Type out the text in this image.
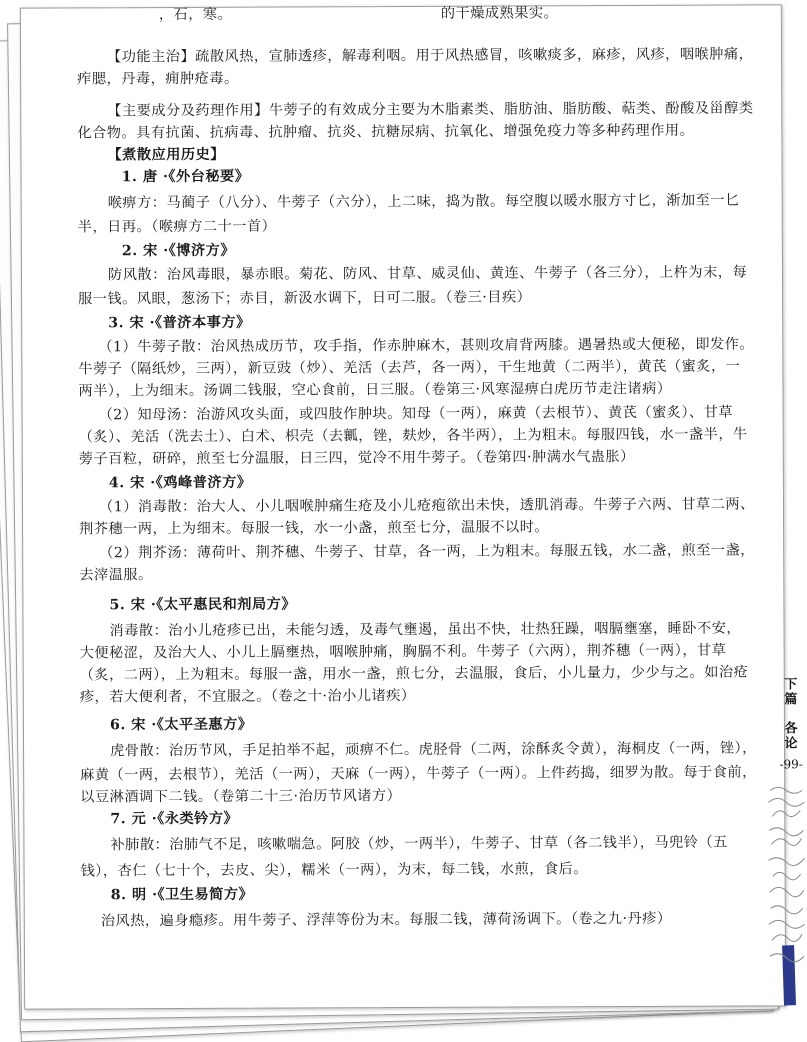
，石，寒。	的干燥成熟果实。
【功能主治】疏散风热，宣肺透疹，解毒利咽。用于风热感冒，咳嗽痰多，麻疹，风疹，咽喉肿痛，
痄腮，丹毒，痈肿疮毒。
【主要成分及药理作用】牛蒡子的有效成分主要为木脂素类、脂肪油、脂肪酸、萜类、酚酸及甾醇类
化合物。具有抗菌、抗病毒、抗肿瘤、抗炎、抗糖尿病、抗氧化、增强免疫力等多种药理作用。
【煮散应用历史】
1. 唐 ·《外台秘要》
喉痹方：马蔺子（八分）、牛蒡子（六分），上二味，捣为散。每空腹以暖水服方寸匕，渐加至一匕
半，日再。（喉痹方二十一首）
2. 宋 ·《博济方》
防风散：治风毒眼，暴赤眼。菊花、防风、甘草、威灵仙、黄连、牛蒡子（各三分），上杵为末，每
服一钱。风眼，葱汤下；赤目，新汲水调下，日可二服。（卷三·目疾）
3. 宋 ·《普济本事方》
（1）牛蒡子散：治风热成历节，攻手指，作赤肿麻木，甚则攻肩背两膝。遇暑热或大便秘，即发作。
牛蒡子（隔纸炒，三两），新豆豉（炒）、羌活（去芦，各一两），干生地黄（二两半），黄芪（蜜炙，一
两半），上为细末。汤调二钱服，空心食前，日三服。（卷第三·风寒湿痹白虎历节走注诸病）
（2）知母汤：治游风攻头面，或四肢作肿块。知母（一两），麻黄（去根节）、黄芪（蜜炙）、甘草
（炙）、羌活（洗去土）、白术、枳壳（去瓤，锉，麸炒，各半两），上为粗末。每服四钱，水一盏半，牛
蒡子百粒，研碎，煎至七分温服，日三四，觉冷不用牛蒡子。（卷第四·肿满水气蛊胀）
4. 宋 ·《鸡峰普济方》
（1）消毒散：治大人、小儿咽喉肿痛生疮及小儿疮疱欲出未快，透肌消毒。牛蒡子六两、甘草二两、
荆芥穗一两，上为细末。每服一钱，水一小盏，煎至七分，温服不以时。
（2）荆芥汤：薄荷叶、荆芥穗、牛蒡子、甘草，各一两，上为粗末。每服五钱，水二盏，煎至一盏，
去滓温服。
5. 宋 ·《太平惠民和剂局方》
消毒散：治小儿疮疹已出，未能匀透，及毒气壅遏，虽出不快，壮热狂躁，咽膈壅塞，睡卧不安，
大便秘涩，及治大人、小儿上膈壅热，咽喉肿痛，胸膈不利。牛蒡子（六两），荆芥穗（一两），甘草
（炙，二两），上为粗末。每服一盏，用水一盏，煎七分，去温服，食后，小儿量力，少少与之。如治疮
疹，若大便利者，不宜服之。（卷之十·治小儿诸疾）
6. 宋 ·《太平圣惠方》
虎骨散：治历节风，手足拍举不起，顽痹不仁。虎胫骨（二两，涂酥炙令黄），海桐皮（一两，锉），
麻黄（一两，去根节），羌活（一两），天麻（一两），牛蒡子（一两）。上件药捣，细罗为散。每于食前，
以豆淋酒调下二钱。（卷第二十三·治历节风诸方）
7. 元 ·《永类钤方》
补肺散：治肺气不足，咳嗽喘急。阿胶（炒，一两半），牛蒡子、甘草（各二钱半），马兜铃（五
钱），杏仁（七十个，去皮、尖），糯米（一两），为末，每二钱，水煎，食后。
8. 明 ·《卫生易简方》
治风热，遍身瘾疹。用牛蒡子、浮萍等份为末。每服二钱，薄荷汤调下。（卷之九·丹疹）
下
篇
各
论
-99-
